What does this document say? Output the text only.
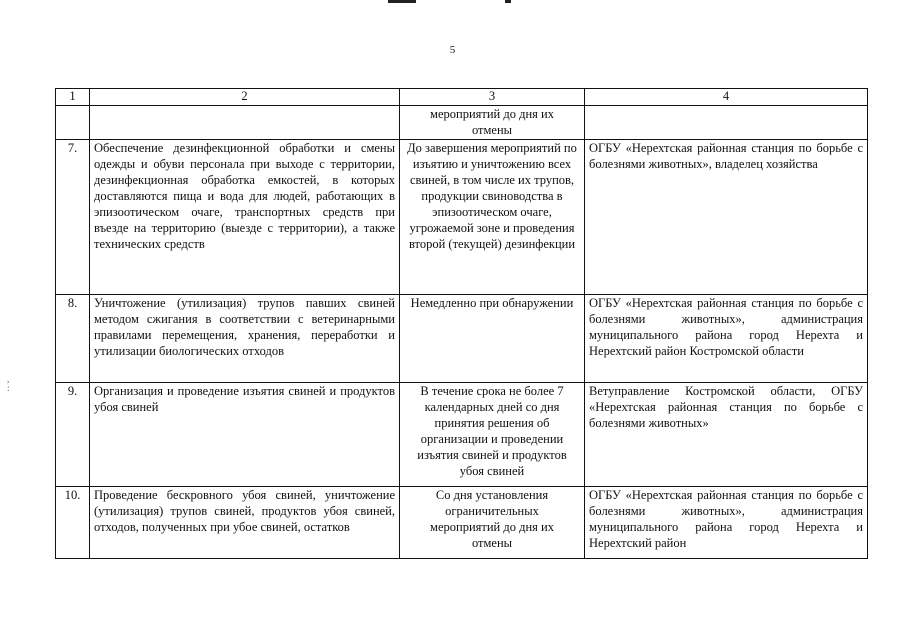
5
,
:
1	2	3	4
		мероприятий до дня их отмены	
7.	Обеспечение дезинфекционной обработки и смены одежды и обуви персонала при выходе с территории, дезинфекционная обработка емкостей, в которых доставляются пища и вода для людей, работающих в эпизоотическом очаге, транспортных средств при въезде на территорию (выезде с территории), а также технических средств	До завершения мероприятий по изъятию и уничтожению всех свиней, в том числе их трупов, продукции свиноводства в эпизоотическом очаге, угрожаемой зоне и проведения второй (текущей) дезинфекции	ОГБУ «Нерехтская районная станция по борьбе с болезнями животных», владелец хозяйства
8.	Уничтожение (утилизация) трупов павших свиней методом сжигания в соответствии с ветеринарными правилами перемещения, хранения, переработки и утилизации биологических отходов	Немедленно при обнаружении	ОГБУ «Нерехтская районная станция по борьбе с болезнями животных», администрация муниципального района город Нерехта и Нерехтский район Костромской области
9.	Организация и проведение изъятия свиней и продуктов убоя свиней	В течение срока не более 7 календарных дней со дня принятия решения об организации и проведении изъятия свиней и продуктов убоя свиней	Ветуправление Костромской области, ОГБУ «Нерехтская районная станция по борьбе с болезнями животных»
10.	Проведение бескровного убоя свиней, уничтожение (утилизация) трупов свиней, продуктов убоя свиней, отходов, полученных при убое свиней, остатков	Со дня установления ограничительных мероприятий до дня их отмены	ОГБУ «Нерехтская районная станция по борьбе с болезнями животных», администрация муниципального района город Нерехта и Нерехтский район
